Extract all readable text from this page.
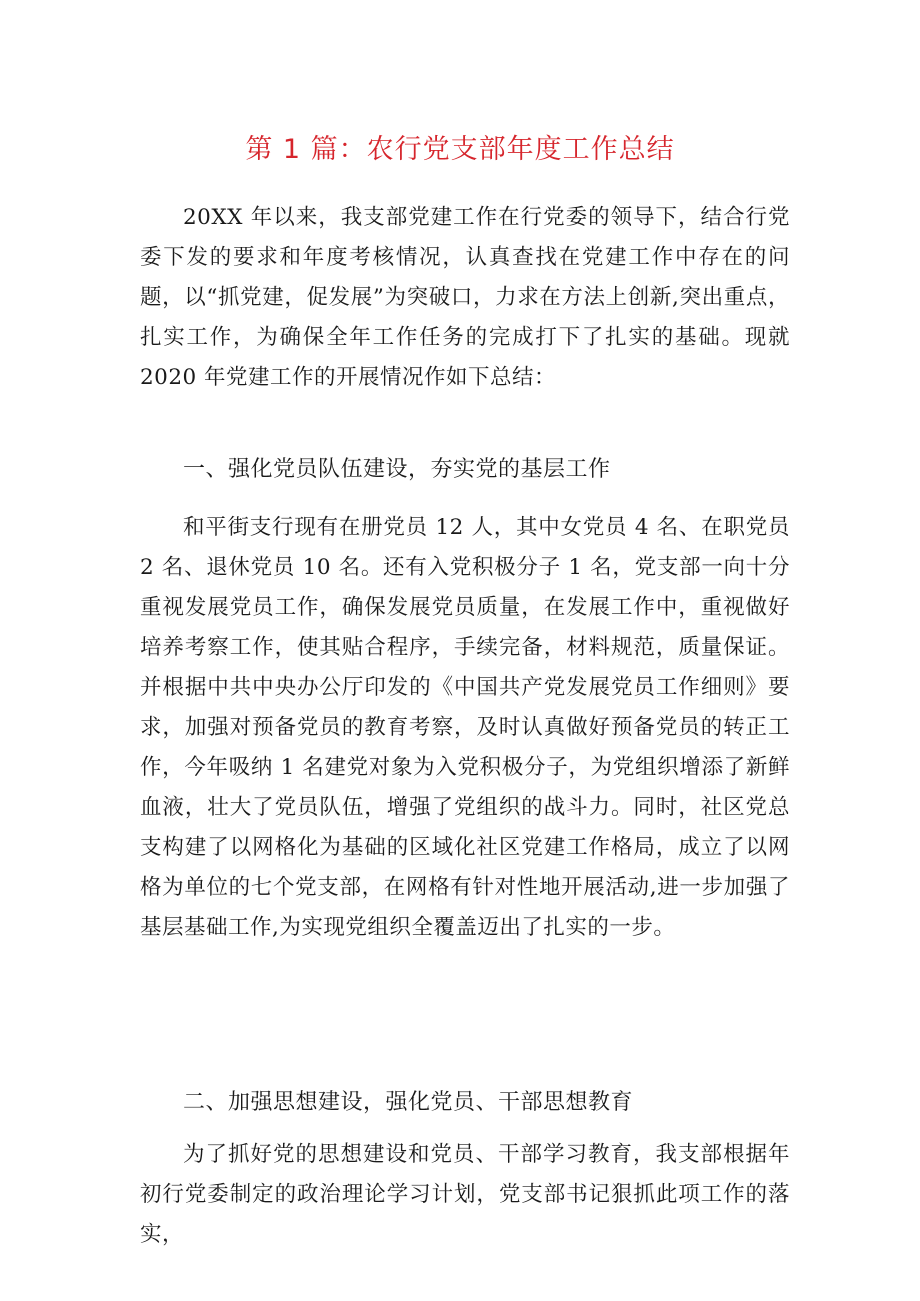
第 1 篇：农行党支部年度工作总结

20XX 年以来，我支部党建工作在行党委的领导下，结合行党委下发的要求和年度考核情况，认真查找在党建工作中存在的问题，以“抓党建，促发展”为突破口，力求在方法上创新,突出重点，扎实工作，为确保全年工作任务的完成打下了扎实的基础。现就 2020 年党建工作的开展情况作如下总结：

一、强化党员队伍建设，夯实党的基层工作

和平街支行现有在册党员 12 人，其中女党员 4 名、在职党员 2 名、退休党员 10 名。还有入党积极分子 1 名，党支部一向十分重视发展党员工作，确保发展党员质量，在发展工作中，重视做好培养考察工作，使其贴合程序，手续完备，材料规范，质量保证。并根据中共中央办公厅印发的《中国共产党发展党员工作细则》要求，加强对预备党员的教育考察，及时认真做好预备党员的转正工作，今年吸纳 1 名建党对象为入党积极分子，为党组织增添了新鲜血液，壮大了党员队伍，增强了党组织的战斗力。同时，社区党总支构建了以网格化为基础的区域化社区党建工作格局，成立了以网格为单位的七个党支部，在网格有针对性地开展活动,进一步加强了基层基础工作,为实现党组织全覆盖迈出了扎实的一步。

二、加强思想建设，强化党员、干部思想教育

为了抓好党的思想建设和党员、干部学习教育，我支部根据年初行党委制定的政治理论学习计划，党支部书记狠抓此项工作的落实，
